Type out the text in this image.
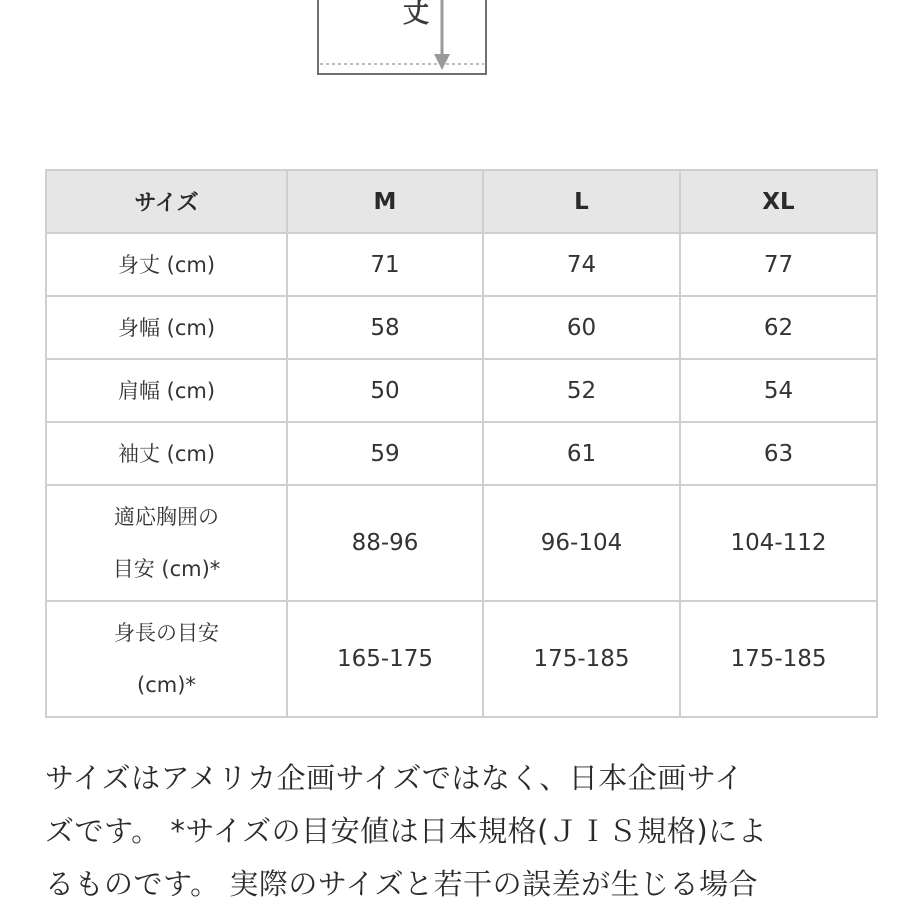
丈
サイズ	M	L	XL
身丈 (cm)	71	74	77
身幅 (cm)	58	60	62
肩幅 (cm)	50	52	54
袖丈 (cm)	59	61	63

適応胸囲の
目安 (cm)*	88-96	96-104	104-112

身長の目安
(cm)*	165-175	175-185	175-185
サイズはアメリカ企画サイズではなく、日本企画サイ
ズです。 *サイズの目安値は日本規格(ＪＩＳ規格)によ
るものです。 実際のサイズと若干の誤差が生じる場合
